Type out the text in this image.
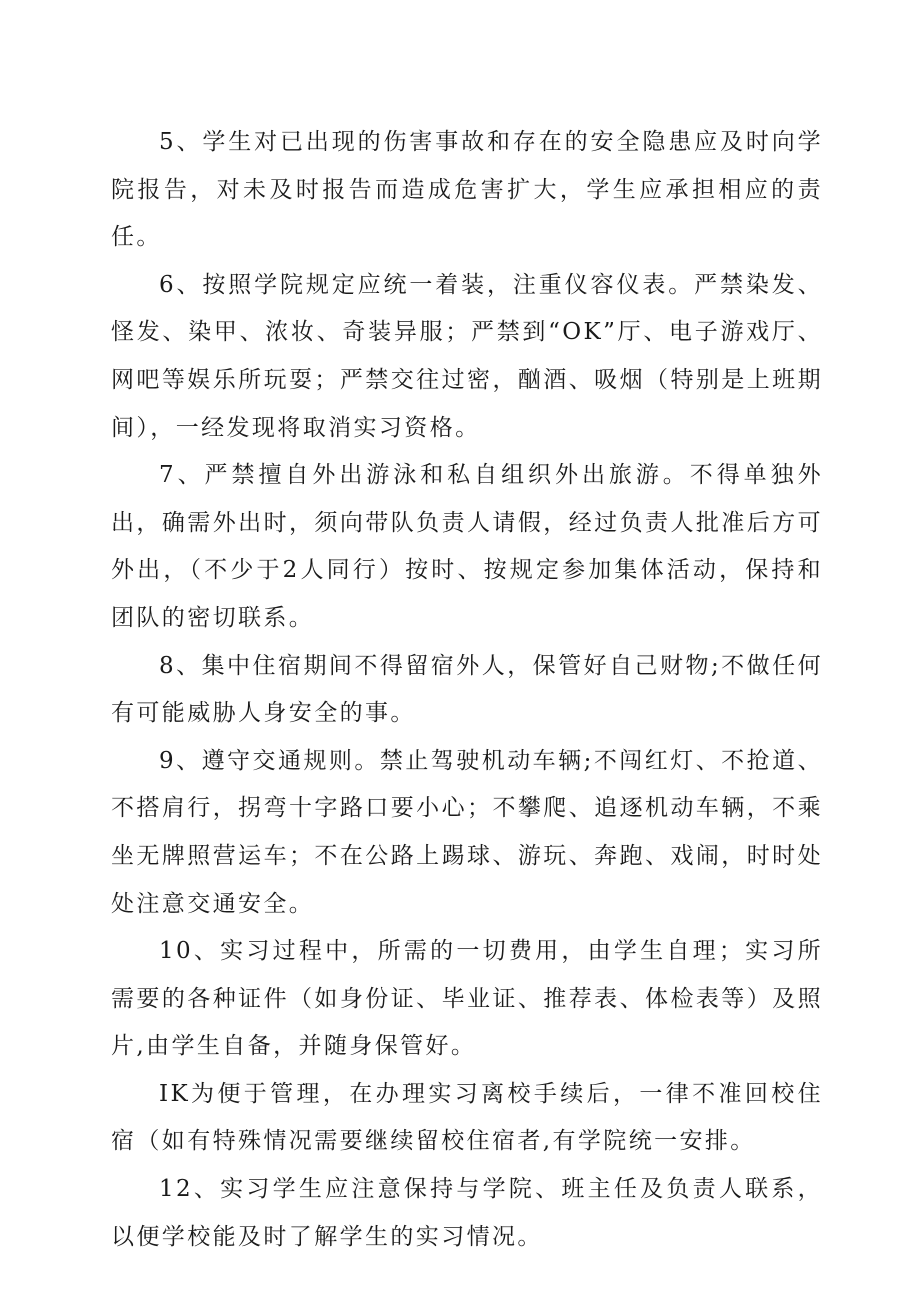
5、学生对已出现的伤害事故和存在的安全隐患应及时向学院报告，对未及时报告而造成危害扩大，学生应承担相应的责任。

6、按照学院规定应统一着装，注重仪容仪表。严禁染发、怪发、染甲、浓妆、奇装异服；严禁到“OK”厅、电子游戏厅、网吧等娱乐所玩耍；严禁交往过密，酗酒、吸烟（特别是上班期间），一经发现将取消实习资格。

7、严禁擅自外出游泳和私自组织外出旅游。不得单独外出，确需外出时，须向带队负责人请假，经过负责人批准后方可外出，（不少于2人同行）按时、按规定参加集体活动，保持和团队的密切联系。

8、集中住宿期间不得留宿外人，保管好自己财物;不做任何有可能威胁人身安全的事。

9、遵守交通规则。禁止驾驶机动车辆;不闯红灯、不抢道、不搭肩行，拐弯十字路口要小心；不攀爬、追逐机动车辆，不乘坐无牌照营运车；不在公路上踢球、游玩、奔跑、戏闹，时时处处注意交通安全。

10、实习过程中，所需的一切费用，由学生自理；实习所需要的各种证件（如身份证、毕业证、推荐表、体检表等）及照片,由学生自备，并随身保管好。

IK为便于管理，在办理实习离校手续后，一律不准回校住宿（如有特殊情况需要继续留校住宿者,有学院统一安排。

12、实习学生应注意保持与学院、班主任及负责人联系，以便学校能及时了解学生的实习情况。
